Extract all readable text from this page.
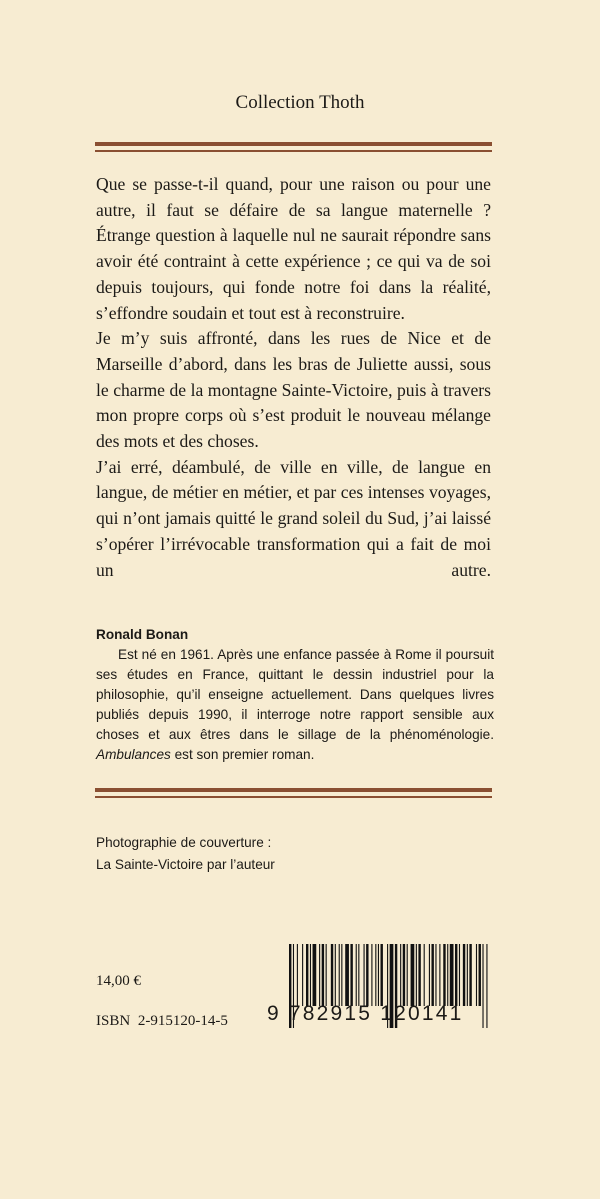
Collection Thoth

Que se passe-t-il quand, pour une raison ou pour une autre, il faut se défaire de sa langue maternelle ? Étrange question à laquelle nul ne saurait répondre sans avoir été contraint à cette expérience ; ce qui va de soi depuis toujours, qui fonde notre foi dans la réalité, s’effondre soudain et tout est à reconstruire.

Je m’y suis affronté, dans les rues de Nice et de Marseille d’abord, dans les bras de Juliette aussi, sous le charme de la montagne Sainte-Victoire, puis à travers mon propre corps où s’est produit le nouveau mélange des mots et des choses.

J’ai erré, déambulé, de ville en ville, de langue en langue, de métier en métier, et par ces intenses voyages, qui n’ont jamais quitté le grand soleil du Sud, j’ai laissé s’opérer l’irrévocable transformation qui a fait de moi un autre.

Ronald Bonan
Est né en 1961. Après une enfance passée à Rome il poursuit ses études en France, quittant le dessin industriel pour la philosophie, qu’il enseigne actuellement. Dans quelques livres publiés depuis 1990, il interroge notre rapport sensible aux choses et aux êtres dans le sillage de la phénoménologie. Ambulances est son premier roman.
Photographie de couverture :
La Sainte-Victoire par l’auteur
14,00 €
ISBN 2-915120-14-5 9 782915 120141
